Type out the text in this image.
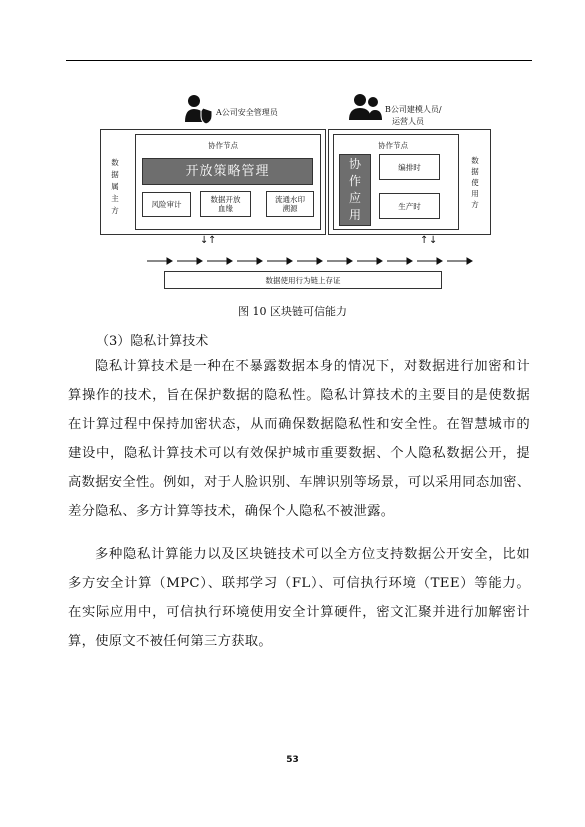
A公司安全管理员	B公司建模人员/
运营人员
数据属主方
协作节点
开放策略管理
风险审计
数据开放
血缘
流通水印
溯源
数据使用方
协作节点
协作应用
编排时
生产时
↓ ↑	↑ ↓
数据使用行为链上存证
图 10 区块链可信能力
（3）隐私计算技术
隐私计算技术是一种在不暴露数据本身的情况下，对数据进行加密和计
算操作的技术，旨在保护数据的隐私性。隐私计算技术的主要目的是使数据
在计算过程中保持加密状态，从而确保数据隐私性和安全性。在智慧城市的
建设中，隐私计算技术可以有效保护城市重要数据、个人隐私数据公开，提
高数据安全性。例如，对于人脸识别、车牌识别等场景，可以采用同态加密、
差分隐私、多方计算等技术，确保个人隐私不被泄露。
多种隐私计算能力以及区块链技术可以全方位支持数据公开安全，比如
多方安全计算（MPC）、联邦学习（FL）、可信执行环境（TEE）等能力。
在实际应用中，可信执行环境使用安全计算硬件，密文汇聚并进行加解密计
算，使原文不被任何第三方获取。
53
